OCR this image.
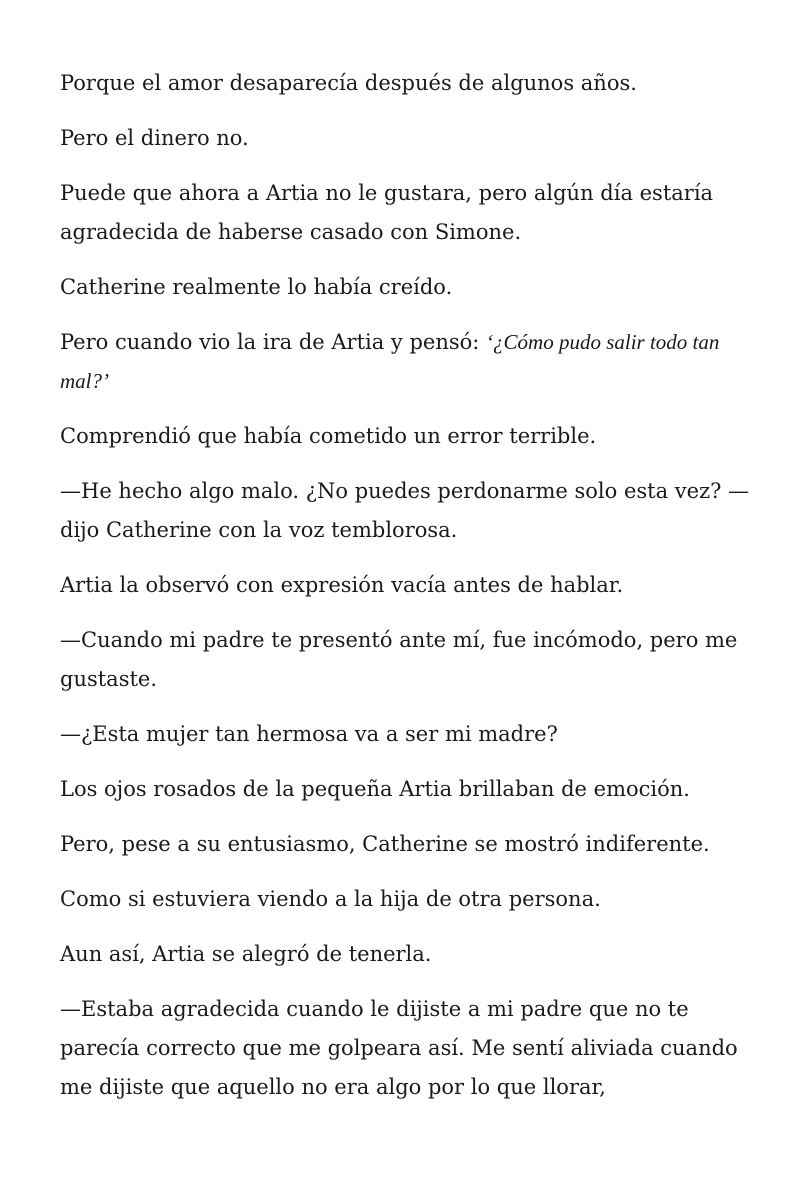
Porque el amor desaparecía después de algunos años.

Pero el dinero no.

Puede que ahora a Artia no le gustara, pero algún día estaría agradecida de haberse casado con Simone.

Catherine realmente lo había creído.

Pero cuando vio la ira de Artia y pensó: ‘¿Cómo pudo salir todo tan mal?’

Comprendió que había cometido un error terrible.

—He hecho algo malo. ¿No puedes perdonarme solo esta vez? —dijo Catherine con la voz temblorosa.

Artia la observó con expresión vacía antes de hablar.

—Cuando mi padre te presentó ante mí, fue incómodo, pero me gustaste.

—¿Esta mujer tan hermosa va a ser mi madre?

Los ojos rosados de la pequeña Artia brillaban de emoción.

Pero, pese a su entusiasmo, Catherine se mostró indiferente.

Como si estuviera viendo a la hija de otra persona.

Aun así, Artia se alegró de tenerla.

—Estaba agradecida cuando le dijiste a mi padre que no te parecía correcto que me golpeara así. Me sentí aliviada cuando me dijiste que aquello no era algo por lo que llorar,
